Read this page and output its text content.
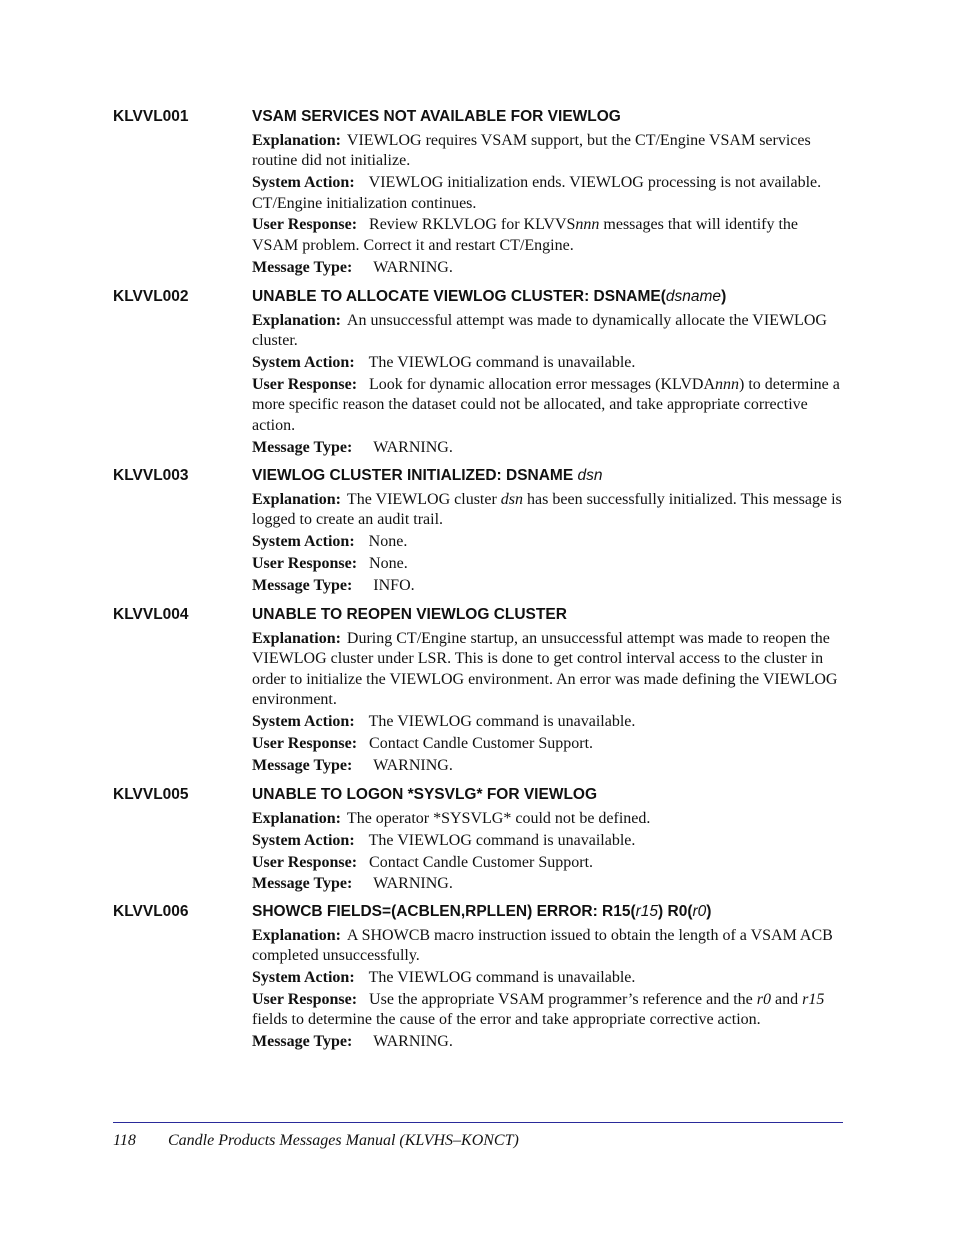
KLVVL001	VSAM SERVICES NOT AVAILABLE FOR VIEWLOG

Explanation: VIEWLOG requires VSAM support, but the CT/Engine VSAM services routine did not initialize.

System Action: VIEWLOG initialization ends. VIEWLOG processing is not available. CT/Engine initialization continues.

User Response: Review RKLVLOG for KLVVSnnn messages that will identify the VSAM problem. Correct it and restart CT/Engine.

Message Type: WARNING.

KLVVL002	UNABLE TO ALLOCATE VIEWLOG CLUSTER: DSNAME(dsname)

Explanation: An unsuccessful attempt was made to dynamically allocate the VIEWLOG cluster.

System Action: The VIEWLOG command is unavailable.

User Response: Look for dynamic allocation error messages (KLVDAnnn) to determine a more specific reason the dataset could not be allocated, and take appropriate corrective action.

Message Type: WARNING.

KLVVL003	VIEWLOG CLUSTER INITIALIZED: DSNAME dsn

Explanation: The VIEWLOG cluster dsn has been successfully initialized. This message is logged to create an audit trail.

System Action: None.

User Response: None.

Message Type: INFO.

KLVVL004	UNABLE TO REOPEN VIEWLOG CLUSTER

Explanation: During CT/Engine startup, an unsuccessful attempt was made to reopen the VIEWLOG cluster under LSR. This is done to get control interval access to the cluster in order to initialize the VIEWLOG environment. An error was made defining the VIEWLOG environment.

System Action: The VIEWLOG command is unavailable.

User Response: Contact Candle Customer Support.

Message Type: WARNING.

KLVVL005	UNABLE TO LOGON *SYSVLG* FOR VIEWLOG

Explanation: The operator *SYSVLG* could not be defined.

System Action: The VIEWLOG command is unavailable.

User Response: Contact Candle Customer Support.

Message Type: WARNING.

KLVVL006	SHOWCB FIELDS=(ACBLEN,RPLLEN) ERROR: R15(r15) R0(r0)

Explanation: A SHOWCB macro instruction issued to obtain the length of a VSAM ACB completed unsuccessfully.

System Action: The VIEWLOG command is unavailable.

User Response: Use the appropriate VSAM programmer’s reference and the r0 and r15 fields to determine the cause of the error and take appropriate corrective action.

Message Type: WARNING.

118 Candle Products Messages Manual (KLVHS–KONCT)
